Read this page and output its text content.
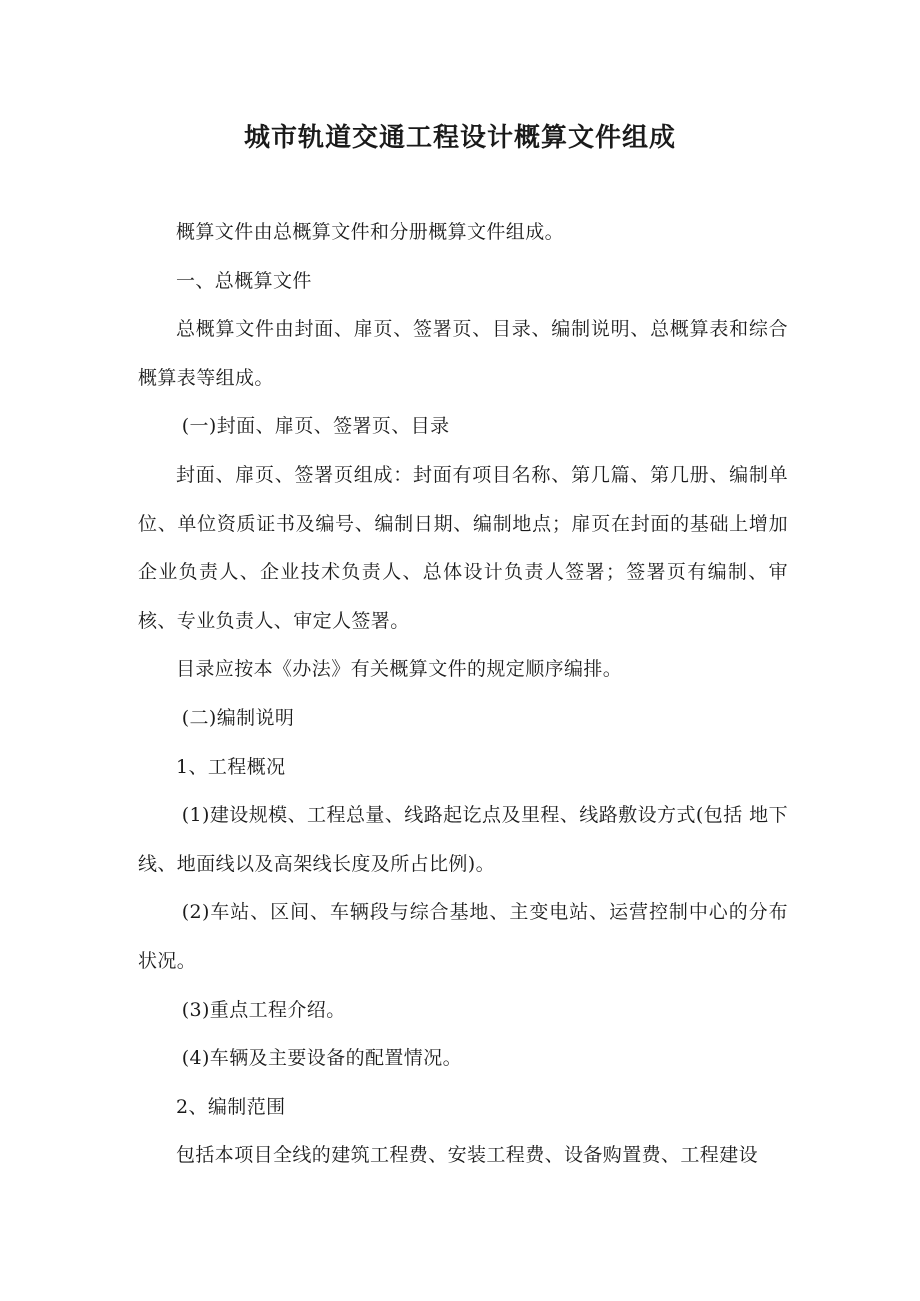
城市轨道交通工程设计概算文件组成

概算文件由总概算文件和分册概算文件组成。

一、总概算文件

总概算文件由封面、扉页、签署页、目录、编制说明、总概算表和综合概算表等组成。

(一)封面、扉页、签署页、目录

封面、扉页、签署页组成：封面有项目名称、第几篇、第几册、编制单位、单位资质证书及编号、编制日期、编制地点；扉页在封面的基础上增加企业负责人、企业技术负责人、总体设计负责人签署；签署页有编制、审核、专业负责人、审定人签署。

目录应按本《办法》有关概算文件的规定顺序编排。

(二)编制说明

1、工程概况

(1)建设规模、工程总量、线路起讫点及里程、线路敷设方式(包括 地下线、地面线以及高架线长度及所占比例)。

(2)车站、区间、车辆段与综合基地、主变电站、运营控制中心的分布状况。

(3)重点工程介绍。

(4)车辆及主要设备的配置情况。

2、编制范围

包括本项目全线的建筑工程费、安装工程费、设备购置费、工程建设
